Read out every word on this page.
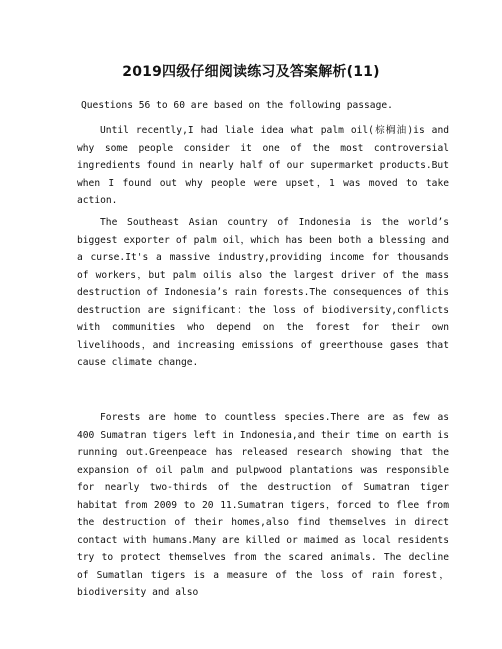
2019四级仔细阅读练习及答案解析(11)
Questions 56 to 60 are based on the following passage.

Until recently,I had liale idea what palm oil(棕榈油)is and why some people consider it one of the most controversial ingredients found in nearly half of our supermarket products.But when I found out why people were upset，1 was moved to take action.

The Southeast Asian country of Indonesia is the world’s biggest exporter of palm oil，which has been both a blessing and a curse.It's a massive industry,providing income for thousands of workers，but palm oilis also the largest driver of the mass destruction of Indonesia’s rain forests.The consequences of this destruction are significant：the loss of biodiversity,conflicts with communities who depend on the forest for their own livelihoods，and increasing emissions of greerthouse gases that cause climate change.

Forests are home to countless species.There are as few as 400 Sumatran tigers left in Indonesia,and their time on earth is running out.Greenpeace has released research showing that the expansion of oil palm and pulpwood plantations was responsible for nearly two-thirds of the destruction of Sumatran tiger habitat from 2009 to 20 11.Sumatran tigers，forced to flee from the destruction of their homes,also find themselves in direct contact with humans.Many are killed or maimed as local residents try to protect themselves from the scared animals. The decline of Sumatlan tigers is a measure of the loss of rain forest，biodiversity and also
